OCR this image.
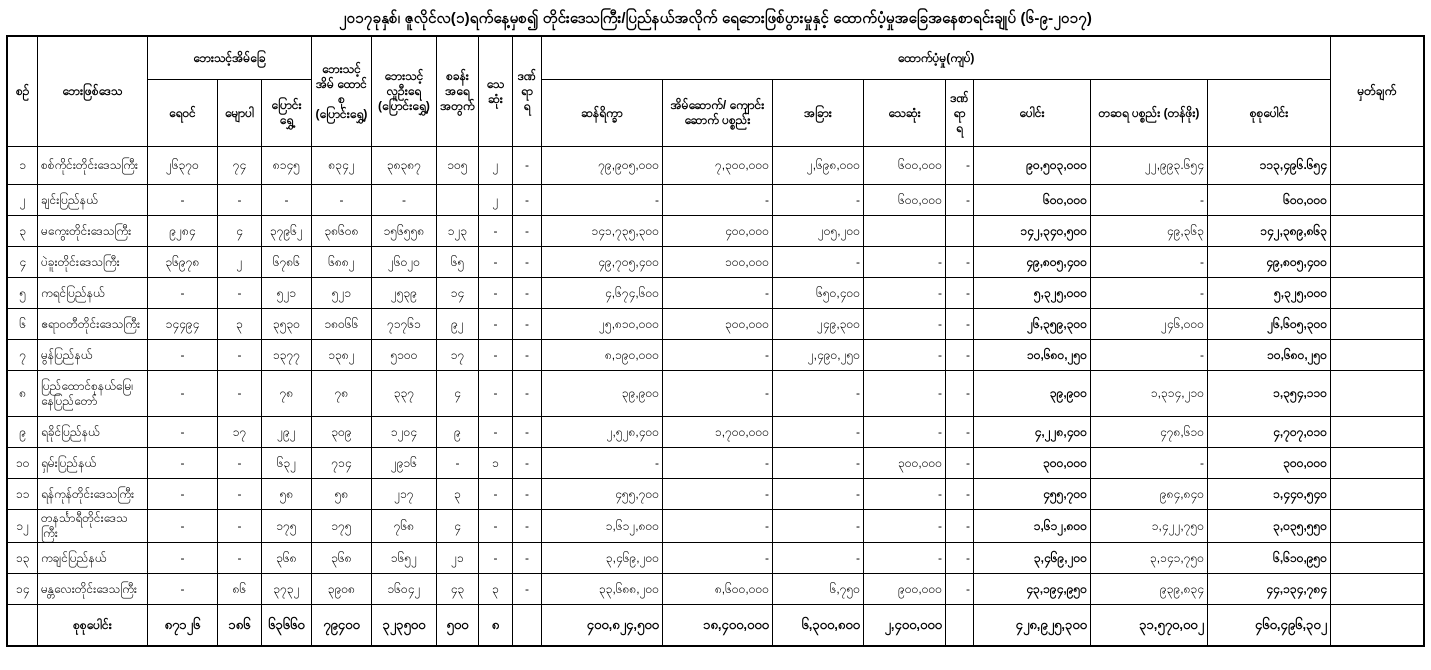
၂၀၁၇ခုနှစ်၊ ဇူလိုင်လ(၁)ရက်နေ့မှစ၍ တိုင်းဒေသကြီး/ပြည်နယ်အလိုက် ရေဘေးဖြစ်ပွားမှုနှင့် ထောက်ပံ့မှုအခြေအနေစာရင်းချုပ် (၆-၉-၂၀၁၇)
စဥ်	ဘေးဖြစ်ဒေသ	ဘေးသင့်အိမ်ခြေ			ဘေးသင့် အိမ် ထောင်စု (ပြောင်းရွှေ့)	ဘေးသင့် လူဦးရေ (ပြောင်းရွှေ့)	စခန်း အရေ အတွက်	သေ ဆုံး	ဒဏ် ရာ ရ	ထောက်ပံ့မှု(ကျပ်)								မှတ်ချက်
		ရေဝင်	မျောပါ	ပြောင်းရွှေ့						ဆန်ရိက္ခာ	အိမ်ဆောက်/ ကျောင်းဆောက် ပစ္စည်း	အခြား	သေဆုံး	ဒဏ် ရာ ရ	ပေါင်း	တဆရ ပစ္စည်း (တန်ဖိုး)	စုစုပေါင်း	
၁	စစ်ကိုင်းတိုင်းဒေသကြီး	၂၆၃၇၀	၇၄	၈၁၄၅	၈၃၄၂	၃၈၃၈၇	၁၀၅	၂	-	၇၉,၉၀၅,၀၀၀	၇,၃၀၀,၀၀၀	၂,၆၉၈,၀၀၀	၆၀၀,၀၀၀	-	၉၀,၅၀၃,၀၀၀	၂၂,၉၉၃.၆၅၄	၁၁၃,၄၉၆.၆၅၄	
၂	ချင်းပြည်နယ်	-	-	-	-	-		၂	-	-	-	-	၆၀၀,၀၀၀	-	၆၀၀,၀၀၀	-	၆၀၀,၀၀၀	
၃	မကွေးတိုင်းဒေသကြီး	၉၂၈၄	၄	၃၇၉၆၂	၃၈၆၀၈	၁၅၆၅၅၈	၁၂၃	-	-	၁၄၁,၇၃၅,၃၀၀	၄၀၀,၀၀၀	၂၀၅,၂၀၀			၁၄၂,၃၄၀,၅၀၀	၄၉,၃၆၃	၁၄၂,၃၈၉,၈၆၃	
၄	ပဲခူးတိုင်းဒေသကြီး	၃၆၉၇၈	၂	၆၇၈၆	၆၈၈၂	၂၆၀၂၀	၆၅	-	-	၄၉,၇၀၅,၄၀၀	၁၀၀,၀၀၀	-	-	-	၄၉,၈၀၅,၄၀၀	-	၄၉,၈၀၅,၄၀၀	
၅	ကရင်ပြည်နယ်	-	-	၅၂၁	၅၂၁	၂၅၃၉	၁၄	-	-	၄,၆၇၄,၆၀၀	-	၆၅၀,၄၀၀	-	-	၅,၃၂၅,၀၀၀	-	၅,၃၂၅,၀၀၀	
၆	ဧရာဝတီတိုင်းဒေသကြီး	၁၄၄၉၄	၃	၃၅၃၀	၁၈၀၆၆	၇၁၇၆၁	၉၂	-	-	၂၅,၈၁၀,၀၀၀	၃၀၀,၀၀၀	၂၄၉,၃၀၀	-	-	၂၆,၃၅၉,၃၀၀	၂၄၆,၀၀၀	၂၆,၆၀၅,၃၀၀	
၇	မွန်ပြည်နယ်	-	-	၁၃၇၇	၁၃၈၂	၅၁၀၀	၁၇	-	-	၈,၁၉၀,၀၀၀	-	၂,၄၉၀,၂၅၀	-	-	၁၀,၆၈၀,၂၅၀	-	၁၀,၆၈၀,၂၅၀	
၈	ပြည်ထောင်စုနယ်မြေ၊ နေပြည်တော်	-	-	၇၈	၇၈	၃၃၇	၄	-	-	၃၉,၉၀၀	-	-	-	-	၃၉,၉၀၀	၁,၃၁၄,၂၁၀	၁,၃၅၄,၁၁၀	
၉	ရခိုင်ပြည်နယ်	-	၁၇	၂၉၂	၃၀၉	၁၂၀၄	၉	-	-	၂,၅၂၈,၄၀၀	၁,၇၀၀,၀၀၀	-	-	-	၄,၂၂၈,၄၀၀	၄၇၈,၆၁၀	၄,၇၀၇,၀၁၀	
၁၀	ရှမ်းပြည်နယ်	-	-	၆၃၂	၇၁၄	၂၉၁၆	-	၁	-	-	-	-	၃၀၀,၀၀၀	-	၃၀၀,၀၀၀	-	၃၀၀,၀၀၀	
၁၁	ရန်ကုန်တိုင်းဒေသကြီး	-	-	၅၈	၅၈	၂၁၇	၃	-	-	၄၅၅,၇၀၀	-	-	-	-	၄၅၅,၇၀၀	၉၈၄,၈၄၀	၁,၄၄၀,၅၄၀	
၁၂	တနင်္သာရီတိုင်းဒေသကြီး	-	-	၁၇၅	၁၇၅	၇၆၈	၄	-	-	၁,၆၁၂,၈၀၀	-	-	-	-	၁,၆၁၂,၈၀၀	၁,၄၂၂,၇၅၀	၃,၀၃၅,၅၅၀	
၁၃	ကချင်ပြည်နယ်	-	-	၃၆၈	၃၆၈	၁၆၅၂	၂၁	-	-	၃,၄၆၉,၂၀၀	-	-	-	-	၃,၄၆၉,၂၀၀	၃,၁၄၁,၇၅၀	၆,၆၁၀,၉၅၀	
၁၄	မန္တလေးတိုင်းဒေသကြီး	-	၈၆	၃၇၃၂	၃၉၀၈	၁၆၀၄၂	၄၃	၃	-	၃၃,၆၈၈,၂၀၀	၈,၆၀၀,၀၀၀	၆,၇၅၀	၉၀၀,၀၀၀	-	၄၃,၁၉၄,၉၅၀	၉၃၉,၈၃၄	၄၄,၁၃၄,၇၈၄	
	စုစုပေါင်း	၈၇၁၂၆	၁၈၆	၆၃၆၆၀	၇၉၄၀၀	၃၂၃၅၀၀	၅၀၀	၈		၄၀၀,၈၂၄,၅၀၀	၁၈,၄၀၀,၀၀၀	၆,၃၀၀,၈၀၀	၂,၄၀၀,၀၀၀		၄၂၈,၉၂၅,၃၀၀	၃၁,၅၇၀,၀၀၂	၄၆၀,၄၉၆,၃၀၂	
